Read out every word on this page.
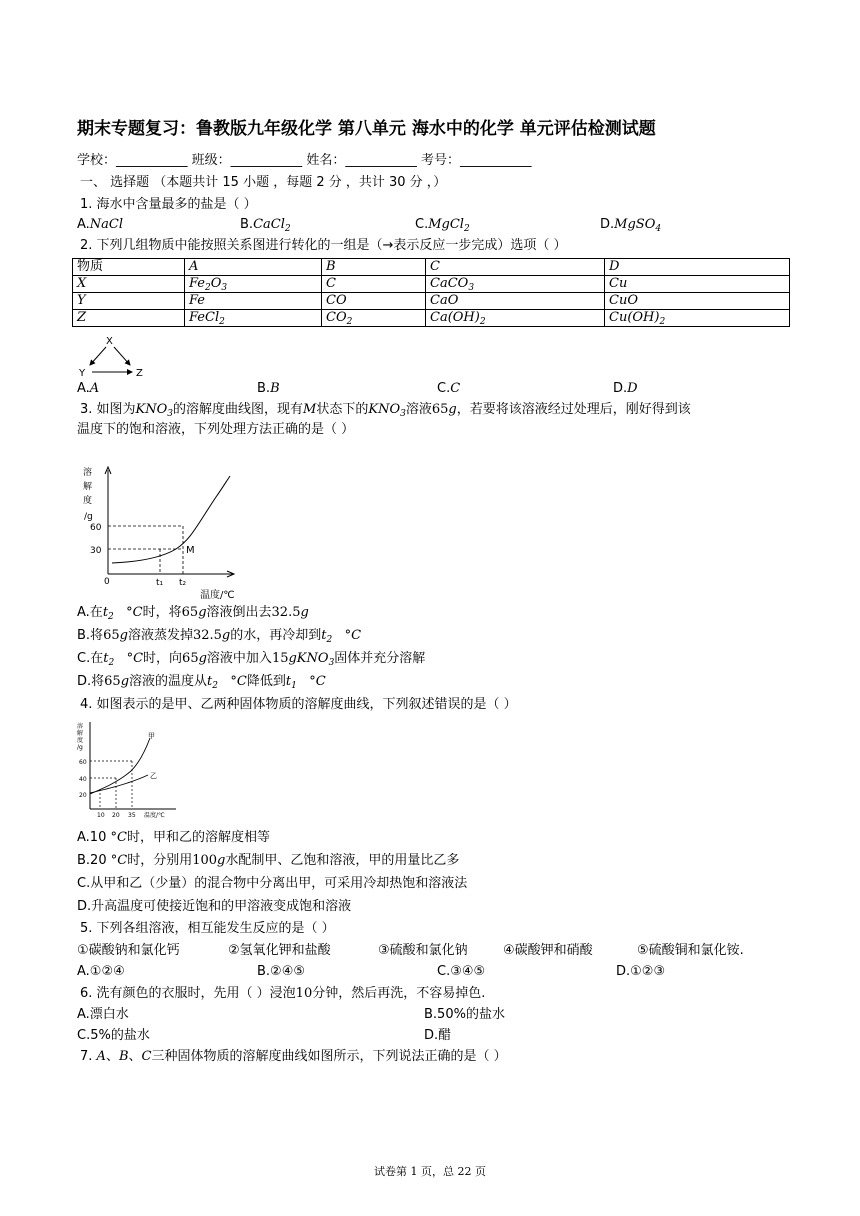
期末专题复习：鲁教版九年级化学 第八单元 海水中的化学 单元评估检测试题
学校：___________ 班级：___________ 姓名：___________ 考号：___________
一、 选择题 （本题共计 15 小题 ，每题 2 分 ，共计 30 分 ，）
1. 海水中含量最多的盐是（ ）
A.NaCl	B.CaCl$_2$	C.MgCl$_2$	D.MgSO$_4$
2. 下列几组物质中能按照关系图进行转化的一组是（→表示反应一步完成）选项（ ）
物质	A	B	C	D
X	$Fe_2O_3$	C	CaCO$_3$	Cu
Y	Fe	CO	CaO	CuO
Z	FeCl$_2$	$CO_2$	$Ca(OH)_2$	$Cu(OH)_2$
X
Y	Z
A.A	B.B	C.C	D.D
3. 如图为$KNO_3$的溶解度曲线图，现有M状态下的$KNO_3$溶液65g，若要将该溶液经过处理后，刚好得到该
温度下的饱和溶液，下列处理方法正确的是（ ）
溶
解
度
/g
60
30
0	t₁ t₂
M
温度/℃
A.在$t_2$   °C时，将65g溶液倒出去32.5g
B.将65g溶液蒸发掉32.5g的水，再冷却到$t_2$   °C
C.在$t_2$   °C时，向65g溶液中加入15gKNO$_3$固体并充分溶解
D.将65g溶液的温度从$t_2$   °C降低到$t_1$   °C
4. 如图表示的是甲、乙两种固体物质的溶解度曲线，下列叙述错误的是（ ）
溶
解
度
/g
60
40
20
10 20 35 温度/℃
甲
乙
A.10 °C时，甲和乙的溶解度相等
B.20 °C时，分别用100g水配制甲、乙饱和溶液，甲的用量比乙多
C.从甲和乙（少量）的混合物中分离出甲，可采用冷却热饱和溶液法
D.升高温度可使接近饱和的甲溶液变成饱和溶液
5. 下列各组溶液，相互能发生反应的是（ ）
①碳酸钠和氯化钙	②氢氧化钾和盐酸	③硫酸和氯化钠	④碳酸钾和硝酸	⑤硫酸铜和氯化铵.
A.①②④	B.②④⑤	C.③④⑤	D.①②③
6. 洗有颜色的衣服时，先用（ ）浸泡10分钟，然后再洗，不容易掉色.
A.漂白水	B.50%的盐水
C.5%的盐水	D.醋
7. A、B、C三种固体物质的溶解度曲线如图所示，下列说法正确的是（ ）
试卷第 1 页，总 22 页
